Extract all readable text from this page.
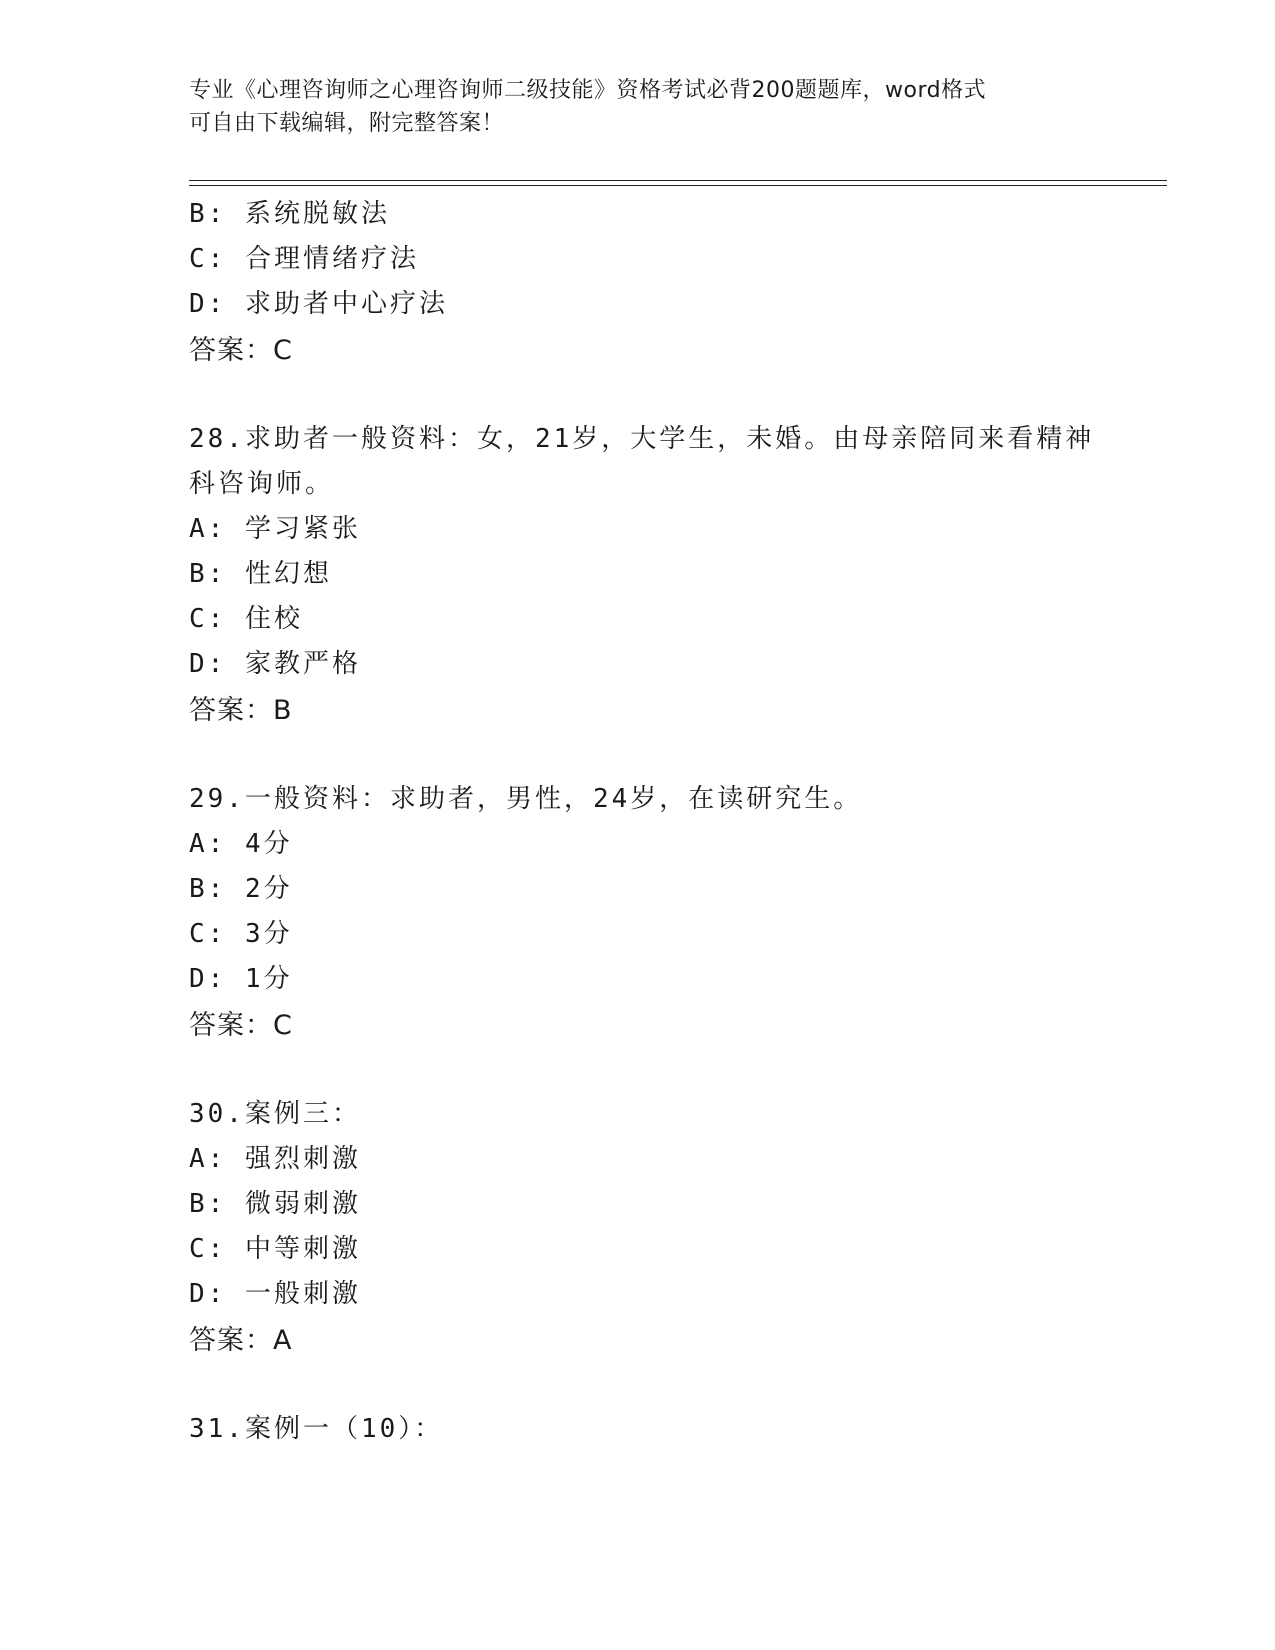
专业《心理咨询师之心理咨询师二级技能》资格考试必背200题题库，word格式
可自由下载编辑，附完整答案！
B: 系统脱敏法
C: 合理情绪疗法
D: 求助者中心疗法
答案：C
28.求助者一般资料：女，21岁，大学生，未婚。由母亲陪同来看精神
科咨询师。
A: 学习紧张
B: 性幻想
C: 住校
D: 家教严格
答案：B
29.一般资料：求助者，男性，24岁，在读研究生。
A: 4分
B: 2分
C: 3分
D: 1分
答案：C
30.案例三：
A: 强烈刺激
B: 微弱刺激
C: 中等刺激
D: 一般刺激
答案：A
31.案例一（10）：
